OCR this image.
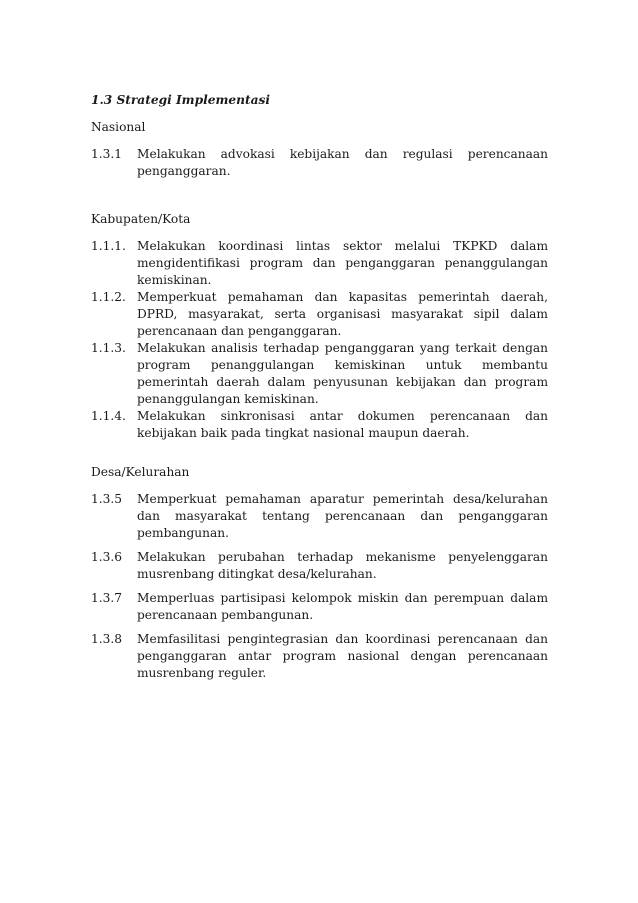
1.3 Strategi Implementasi
Nasional
1.3.1	Melakukan advokasi kebijakan dan regulasi perencanaan penganggaran.
Kabupaten/Kota
1.1.1. Melakukan koordinasi lintas sektor melalui TKPKD dalam mengidentifikasi program dan penganggaran penanggulangan kemiskinan.
1.1.2. Memperkuat pemahaman dan kapasitas pemerintah daerah, DPRD, masyarakat, serta organisasi masyarakat sipil dalam perencanaan dan penganggaran.
1.1.3. Melakukan analisis terhadap penganggaran yang terkait dengan program penanggulangan kemiskinan untuk membantu pemerintah daerah dalam penyusunan kebijakan dan program penanggulangan kemiskinan.
1.1.4. Melakukan sinkronisasi antar dokumen perencanaan dan kebijakan baik pada tingkat nasional maupun daerah.
Desa/Kelurahan
1.3.5	Memperkuat pemahaman aparatur pemerintah desa/kelurahan dan masyarakat tentang perencanaan dan penganggaran pembangunan.
1.3.6	Melakukan perubahan terhadap mekanisme penyelenggaran musrenbang ditingkat desa/kelurahan.
1.3.7	Memperluas partisipasi kelompok miskin dan perempuan dalam perencanaan pembangunan.
1.3.8	Memfasilitasi pengintegrasian dan koordinasi perencanaan dan penganggaran antar program nasional dengan perencanaan musrenbang reguler.
